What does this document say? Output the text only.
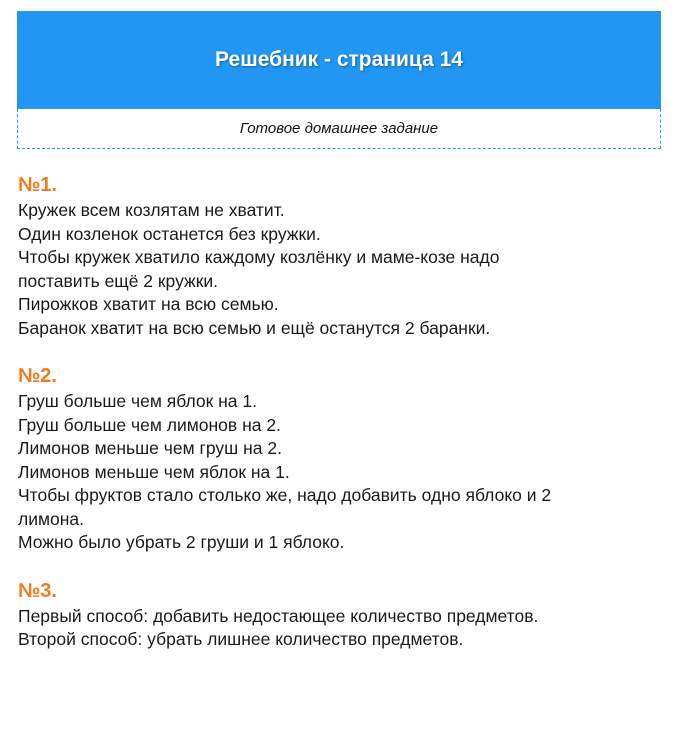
Решебник - страница 14
Готовое домашнее задание

№1.

Кружек всем козлятам не хватит.

Один козленок останется без кружки.

Чтобы кружек хватило каждому козлёнку и маме-козе надо

поставить ещё 2 кружки.

Пирожков хватит на всю семью.

Баранок хватит на всю семью и ещё останутся 2 баранки.

№2.

Груш больше чем яблок на 1.

Груш больше чем лимонов на 2.

Лимонов меньше чем груш на 2.

Лимонов меньше чем яблок на 1.

Чтобы фруктов стало столько же, надо добавить одно яблоко и 2

лимона.

Можно было убрать 2 груши и 1 яблоко.

№3.

Первый способ: добавить недостающее количество предметов.

Второй способ: убрать лишнее количество предметов.
